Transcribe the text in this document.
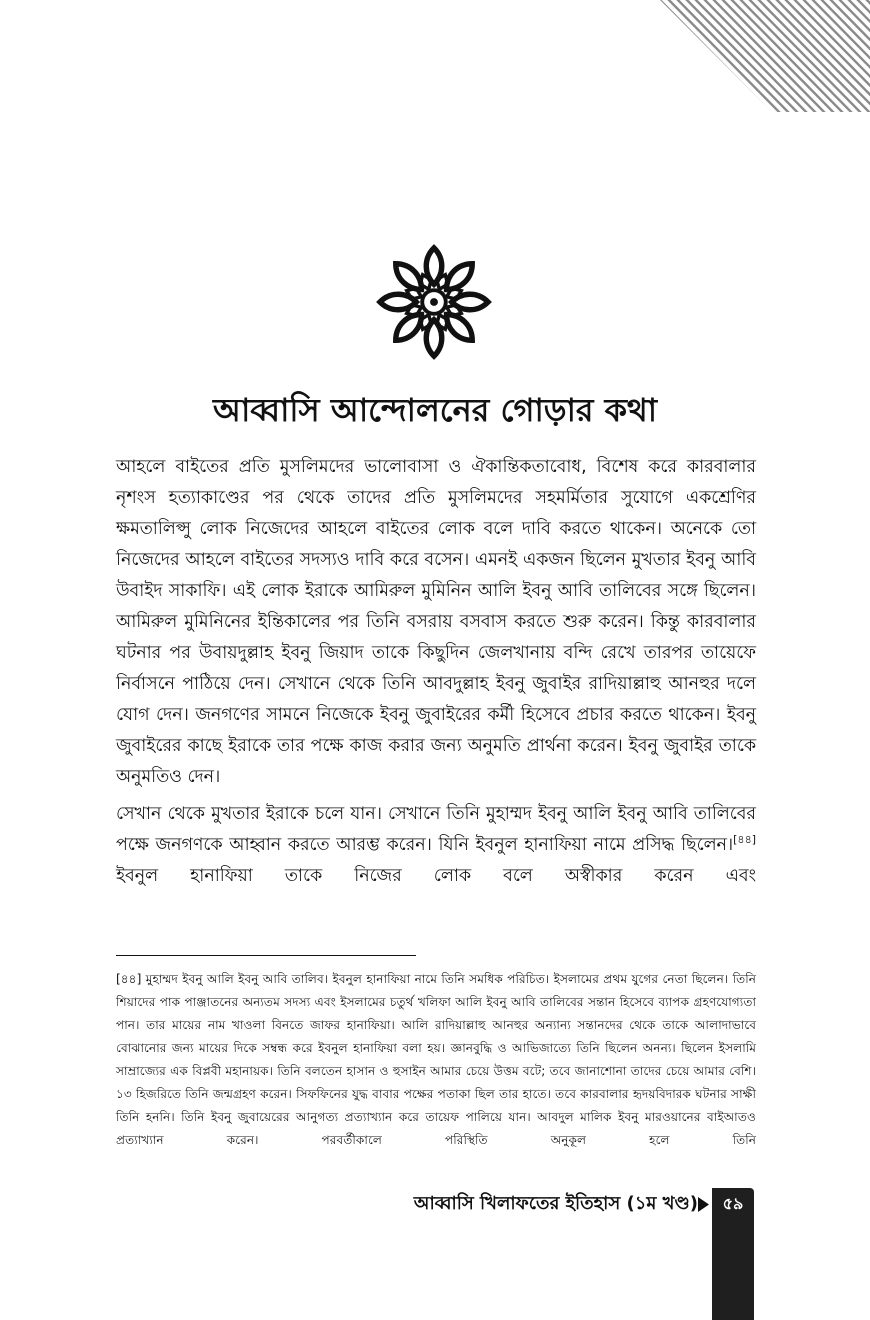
আব্বাসি আন্দোলনের গোড়ার কথা

আহলে বাইতের প্রতি মুসলিমদের ভালোবাসা ও ঐকান্তিকতাবোধ, বিশেষ করে কারবালার নৃশংস হত্যাকাণ্ডের পর থেকে তাদের প্রতি মুসলিমদের সহমর্মিতার সুযোগে একশ্রেণির ক্ষমতালিপ্সু লোক নিজেদের আহলে বাইতের লোক বলে দাবি করতে থাকেন। অনেকে তো নিজেদের আহলে বাইতের সদস্যও দাবি করে বসেন। এমনই একজন ছিলেন মুখতার ইবনু আবি উবাইদ সাকাফি। এই লোক ইরাকে আমিরুল মুমিনিন আলি ইবনু আবি তালিবের সঙ্গে ছিলেন। আমিরুল মুমিনিনের ইন্তিকালের পর তিনি বসরায় বসবাস করতে শুরু করেন। কিন্তু কারবালার ঘটনার পর উবায়দুল্লাহ ইবনু জিয়াদ তাকে কিছুদিন জেলখানায় বন্দি রেখে তারপর তায়েফে নির্বাসনে পাঠিয়ে দেন। সেখানে থেকে তিনি আবদুল্লাহ ইবনু জুবাইর রাদিয়াল্লাহু আনহুর দলে যোগ দেন। জনগণের সামনে নিজেকে ইবনু জুবাইরের কর্মী হিসেবে প্রচার করতে থাকেন। ইবনু জুবাইরের কাছে ইরাকে তার পক্ষে কাজ করার জন্য অনুমতি প্রার্থনা করেন। ইবনু জুবাইর তাকে অনুমতিও দেন।

সেখান থেকে মুখতার ইরাকে চলে যান। সেখানে তিনি মুহাম্মদ ইবনু আলি ইবনু আবি তালিবের পক্ষে জনগণকে আহ্বান করতে আরম্ভ করেন। যিনি ইবনুল হানাফিয়া নামে প্রসিদ্ধ ছিলেন।[৪৪] ইবনুল হানাফিয়া তাকে নিজের লোক বলে অস্বীকার করেন এবং

[৪৪] মুহাম্মদ ইবনু আলি ইবনু আবি তালিব। ইবনুল হানাফিয়া নামে তিনি সমধিক পরিচিত। ইসলামের প্রথম যুগের নেতা ছিলেন। তিনি শিয়াদের পাক পাঞ্জাতনের অন্যতম সদস্য এবং ইসলামের চতুর্থ খলিফা আলি ইবনু আবি তালিবের সন্তান হিসেবে ব্যাপক গ্রহণযোগ্যতা পান। তার মায়ের নাম খাওলা বিনতে জাফর হানাফিয়া। আলি রাদিয়াল্লাহু আনহুর অন্যান্য সন্তানদের থেকে তাকে আলাদাভাবে বোঝানোর জন্য মায়ের দিকে সম্বন্ধ করে ইবনুল হানাফিয়া বলা হয়। জ্ঞানবুদ্ধি ও আভিজাত্যে তিনি ছিলেন অনন্য। ছিলেন ইসলামি সাম্রাজ্যের এক বিপ্লবী মহানায়ক। তিনি বলতেন হাসান ও হুসাইন আমার চেয়ে উত্তম বটে; তবে জানাশোনা তাদের চেয়ে আমার বেশি। ১৩ হিজরিতে তিনি জন্মগ্রহণ করেন। সিফফিনের যুদ্ধ বাবার পক্ষের পতাকা ছিল তার হাতে। তবে কারবালার হৃদয়বিদারক ঘটনার সাক্ষী তিনি হননি। তিনি ইবনু জুবায়েরের আনুগত্য প্রত্যাখ্যান করে তায়েফ পালিয়ে যান। আবদুল মালিক ইবনু মারওয়ানের বাইআতও প্রত্যাখ্যান করেন। পরবর্তীকালে পরিস্থিতি অনুকূল হলে তিনি

আব্বাসি খিলাফতের ইতিহাস (১ম খণ্ড)	৫৯
